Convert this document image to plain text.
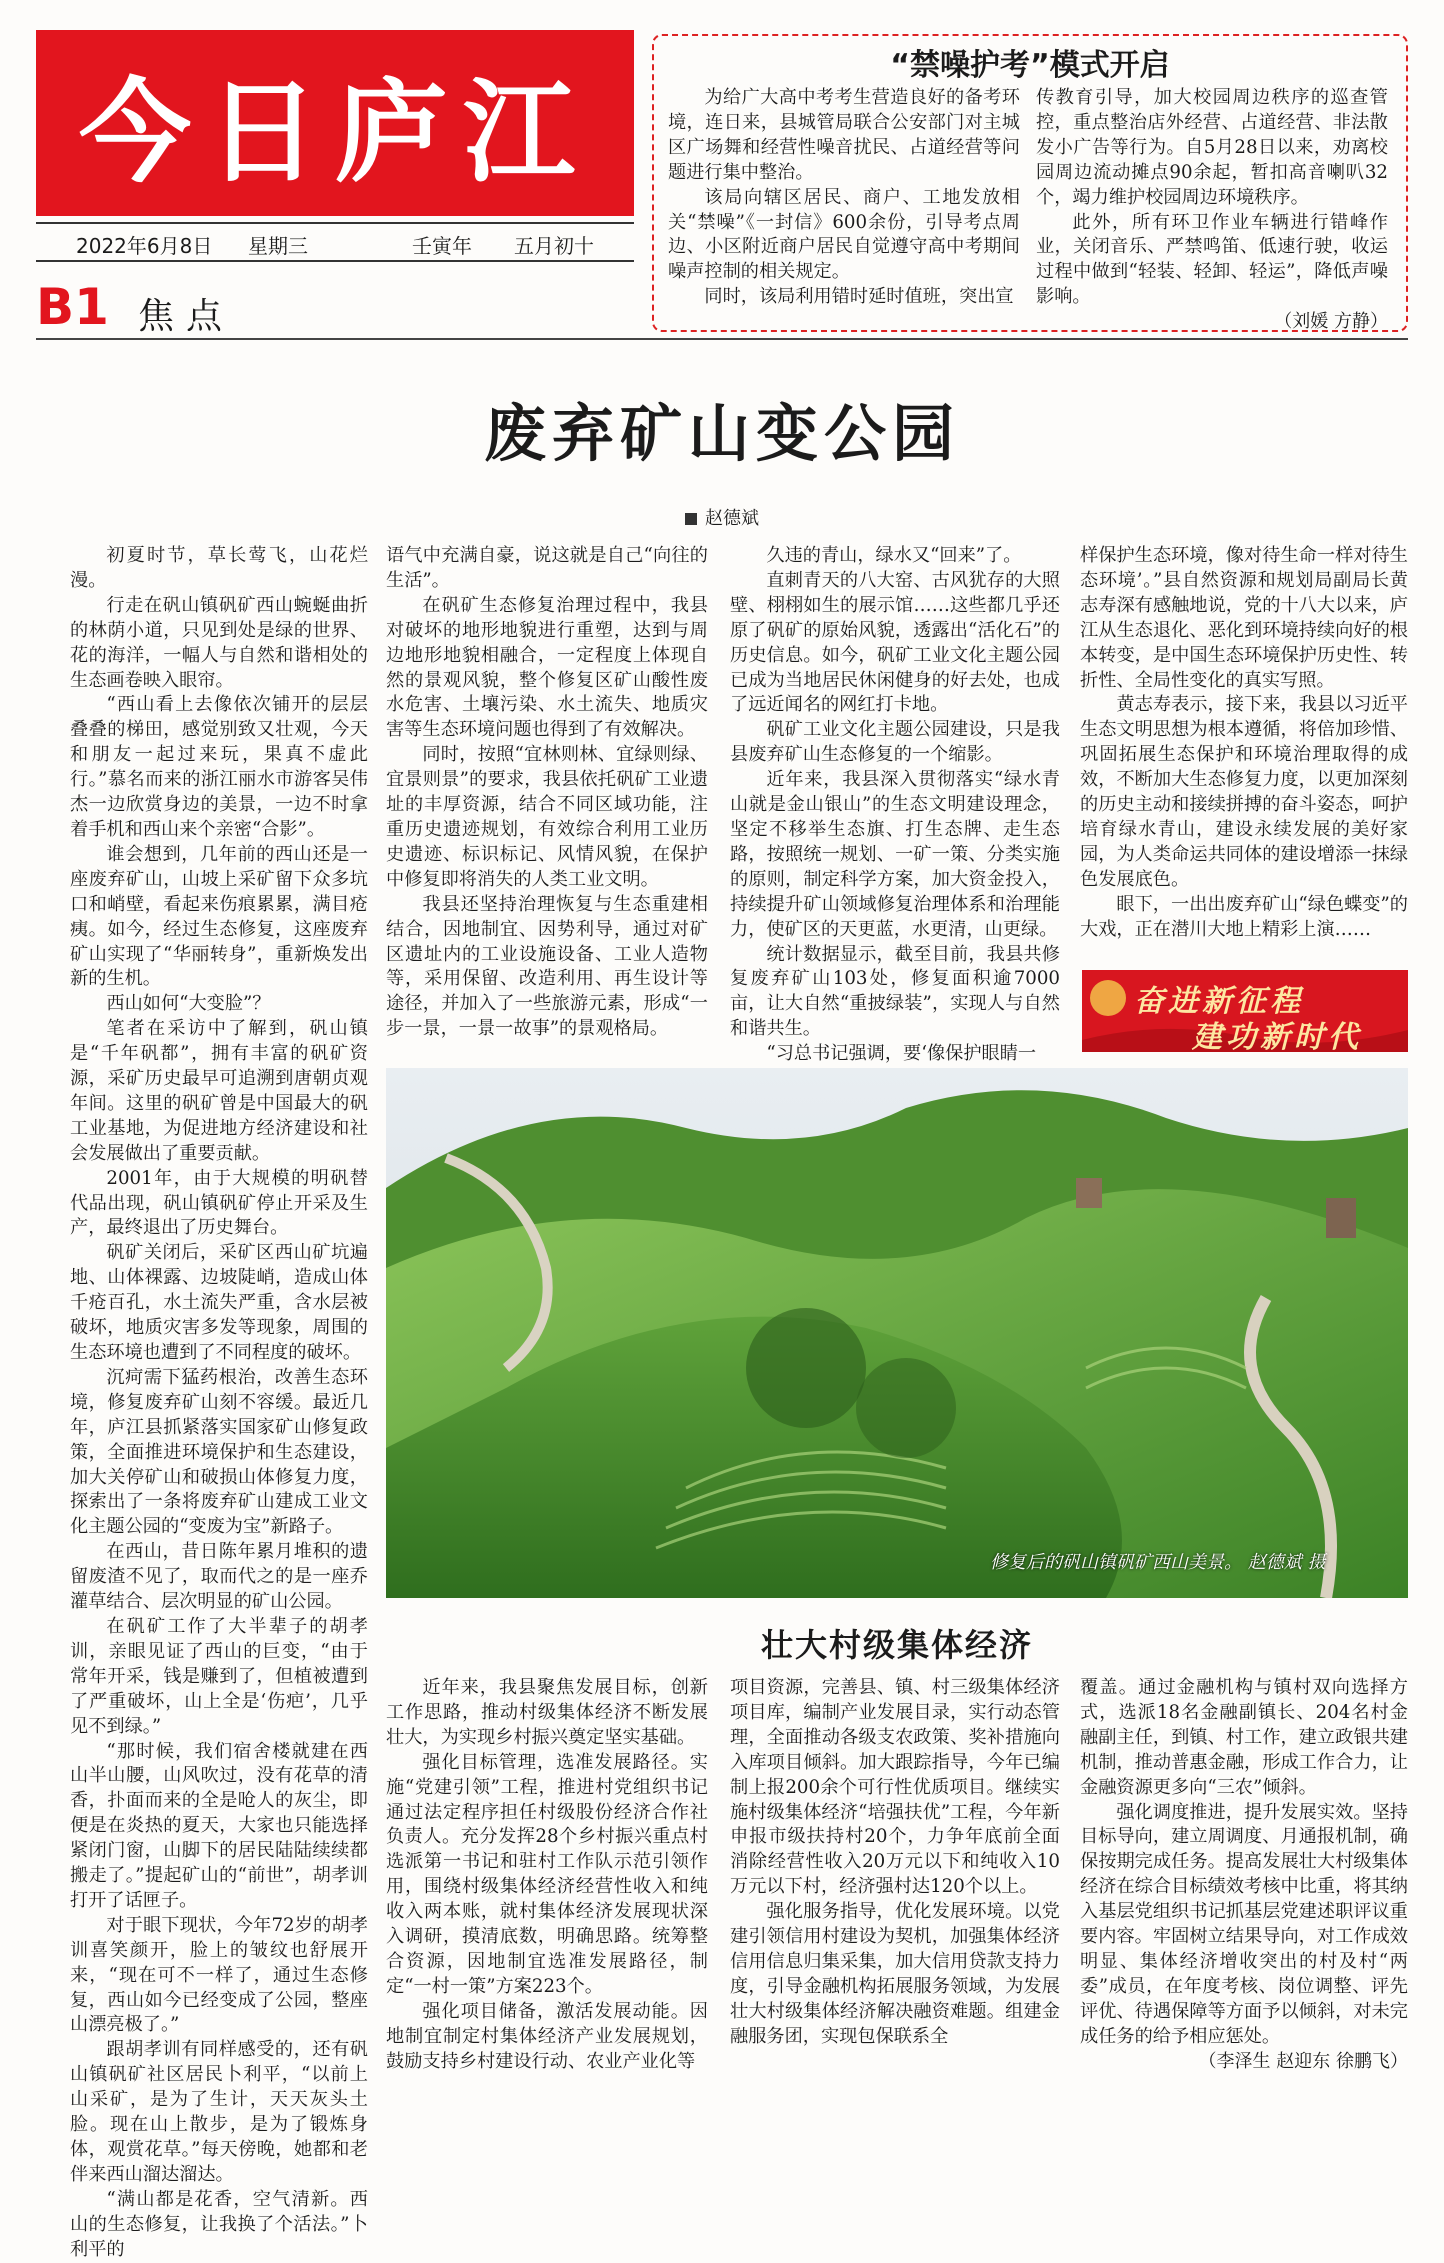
今日庐江
2022年6月8日 星期三	壬寅年 五月初十
B1 焦点
“禁噪护考”模式开启

为给广大高中考考生营造良好的备考环境，连日来，县城管局联合公安部门对主城区广场舞和经营性噪音扰民、占道经营等问题进行集中整治。

该局向辖区居民、商户、工地发放相关“禁噪”《一封信》600余份，引导考点周边、小区附近商户居民自觉遵守高中考期间噪声控制的相关规定。

同时，该局利用错时延时值班，突出宣

传教育引导，加大校园周边秩序的巡查管控，重点整治店外经营、占道经营、非法散发小广告等行为。自5月28日以来，劝离校园周边流动摊点90余起，暂扣高音喇叭32个，竭力维护校园周边环境秩序。

此外，所有环卫作业车辆进行错峰作业，关闭音乐、严禁鸣笛、低速行驶，收运过程中做到“轻装、轻卸、轻运”，降低声噪影响。

（刘媛 方静）
废弃矿山变公园
赵德斌

初夏时节，草长莺飞，山花烂漫。

行走在矾山镇矾矿西山蜿蜒曲折的林荫小道，只见到处是绿的世界、花的海洋，一幅人与自然和谐相处的生态画卷映入眼帘。

“西山看上去像依次铺开的层层叠叠的梯田，感觉别致又壮观，今天和朋友一起过来玩，果真不虚此行。”慕名而来的浙江丽水市游客吴伟杰一边欣赏身边的美景，一边不时拿着手机和西山来个亲密“合影”。

谁会想到，几年前的西山还是一座废弃矿山，山坡上采矿留下众多坑口和峭壁，看起来伤痕累累，满目疮痍。如今，经过生态修复，这座废弃矿山实现了“华丽转身”，重新焕发出新的生机。

西山如何“大变脸”？

笔者在采访中了解到，矾山镇是“千年矾都”，拥有丰富的矾矿资源，采矿历史最早可追溯到唐朝贞观年间。这里的矾矿曾是中国最大的矾工业基地，为促进地方经济建设和社会发展做出了重要贡献。

2001年，由于大规模的明矾替代品出现，矾山镇矾矿停止开采及生产，最终退出了历史舞台。

矾矿关闭后，采矿区西山矿坑遍地、山体裸露、边坡陡峭，造成山体千疮百孔，水土流失严重，含水层被破坏，地质灾害多发等现象，周围的生态环境也遭到了不同程度的破坏。

沉疴需下猛药根治，改善生态环境，修复废弃矿山刻不容缓。最近几年，庐江县抓紧落实国家矿山修复政策，全面推进环境保护和生态建设，加大关停矿山和破损山体修复力度，探索出了一条将废弃矿山建成工业文化主题公园的“变废为宝”新路子。

在西山，昔日陈年累月堆积的遗留废渣不见了，取而代之的是一座乔灌草结合、层次明显的矿山公园。

在矾矿工作了大半辈子的胡孝训，亲眼见证了西山的巨变，“由于常年开采，钱是赚到了，但植被遭到了严重破坏，山上全是‘伤疤’，几乎见不到绿。”

“那时候，我们宿舍楼就建在西山半山腰，山风吹过，没有花草的清香，扑面而来的全是呛人的灰尘，即便是在炎热的夏天，大家也只能选择紧闭门窗，山脚下的居民陆陆续续都搬走了。”提起矿山的“前世”，胡孝训打开了话匣子。

对于眼下现状，今年72岁的胡孝训喜笑颜开，脸上的皱纹也舒展开来，“现在可不一样了，通过生态修复，西山如今已经变成了公园，整座山漂亮极了。”

跟胡孝训有同样感受的，还有矾山镇矾矿社区居民卜利平，“以前上山采矿，是为了生计，天天灰头土脸。现在山上散步，是为了锻炼身体，观赏花草。”每天傍晚，她都和老伴来西山溜达溜达。

“满山都是花香，空气清新。西山的生态修复，让我换了个活法。”卜利平的

语气中充满自豪，说这就是自己“向往的生活”。

在矾矿生态修复治理过程中，我县对破坏的地形地貌进行重塑，达到与周边地形地貌相融合，一定程度上体现自然的景观风貌，整个修复区矿山酸性废水危害、土壤污染、水土流失、地质灾害等生态环境问题也得到了有效解决。

同时，按照“宜林则林、宜绿则绿、宜景则景”的要求，我县依托矾矿工业遗址的丰厚资源，结合不同区域功能，注重历史遗迹规划，有效综合利用工业历史遗迹、标识标记、风情风貌，在保护中修复即将消失的人类工业文明。

我县还坚持治理恢复与生态重建相结合，因地制宜、因势利导，通过对矿区遗址内的工业设施设备、工业人造物等，采用保留、改造利用、再生设计等途径，并加入了一些旅游元素，形成“一步一景，一景一故事”的景观格局。

久违的青山，绿水又“回来”了。

直刺青天的八大窑、古风犹存的大照壁、栩栩如生的展示馆……这些都几乎还原了矾矿的原始风貌，透露出“活化石”的历史信息。如今，矾矿工业文化主题公园已成为当地居民休闲健身的好去处，也成了远近闻名的网红打卡地。

矾矿工业文化主题公园建设，只是我县废弃矿山生态修复的一个缩影。

近年来，我县深入贯彻落实“绿水青山就是金山银山”的生态文明建设理念，坚定不移举生态旗、打生态牌、走生态路，按照统一规划、一矿一策、分类实施的原则，制定科学方案，加大资金投入，持续提升矿山领域修复治理体系和治理能力，使矿区的天更蓝，水更清，山更绿。

统计数据显示，截至目前，我县共修复废弃矿山103处，修复面积逾7000亩，让大自然“重披绿装”，实现人与自然和谐共生。

“习总书记强调，要‘像保护眼睛一

样保护生态环境，像对待生命一样对待生态环境’。”县自然资源和规划局副局长黄志寿深有感触地说，党的十八大以来，庐江从生态退化、恶化到环境持续向好的根本转变，是中国生态环境保护历史性、转折性、全局性变化的真实写照。

黄志寿表示，接下来，我县以习近平生态文明思想为根本遵循，将倍加珍惜、巩固拓展生态保护和环境治理取得的成效，不断加大生态修复力度，以更加深刻的历史主动和接续拼搏的奋斗姿态，呵护培育绿水青山，建设永续发展的美好家园，为人类命运共同体的建设增添一抹绿色发展底色。

眼下，一出出废弃矿山“绿色蝶变”的大戏，正在潜川大地上精彩上演……

奋进新征程
建功新时代
修复后的矾山镇矾矿西山美景。 赵德斌 摄
壮大村级集体经济

近年来，我县聚焦发展目标，创新工作思路，推动村级集体经济不断发展壮大，为实现乡村振兴奠定坚实基础。

强化目标管理，选准发展路径。实施“党建引领”工程，推进村党组织书记通过法定程序担任村级股份经济合作社负责人。充分发挥28个乡村振兴重点村选派第一书记和驻村工作队示范引领作用，围绕村级集体经济经营性收入和纯收入两本账，就村集体经济发展现状深入调研，摸清底数，明确思路。统筹整合资源，因地制宜选准发展路径，制定“一村一策”方案223个。

强化项目储备，激活发展动能。因地制宜制定村集体经济产业发展规划，鼓励支持乡村建设行动、农业产业化等

项目资源，完善县、镇、村三级集体经济项目库，编制产业发展目录，实行动态管理，全面推动各级支农政策、奖补措施向入库项目倾斜。加大跟踪指导，今年已编制上报200余个可行性优质项目。继续实施村级集体经济“培强扶优”工程，今年新申报市级扶持村20个，力争年底前全面消除经营性收入20万元以下和纯收入10万元以下村，经济强村达120个以上。

强化服务指导，优化发展环境。以党建引领信用村建设为契机，加强集体经济信用信息归集采集，加大信用贷款支持力度，引导金融机构拓展服务领域，为发展壮大村级集体经济解决融资难题。组建金融服务团，实现包保联系全

覆盖。通过金融机构与镇村双向选择方式，选派18名金融副镇长、204名村金融副主任，到镇、村工作，建立政银共建机制，推动普惠金融，形成工作合力，让金融资源更多向“三农”倾斜。

强化调度推进，提升发展实效。坚持目标导向，建立周调度、月通报机制，确保按期完成任务。提高发展壮大村级集体经济在综合目标绩效考核中比重，将其纳入基层党组织书记抓基层党建述职评议重要内容。牢固树立结果导向，对工作成效明显、集体经济增收突出的村及村“两委”成员，在年度考核、岗位调整、评先评优、待遇保障等方面予以倾斜，对未完成任务的给予相应惩处。

（李泽生 赵迎东 徐鹏飞）
